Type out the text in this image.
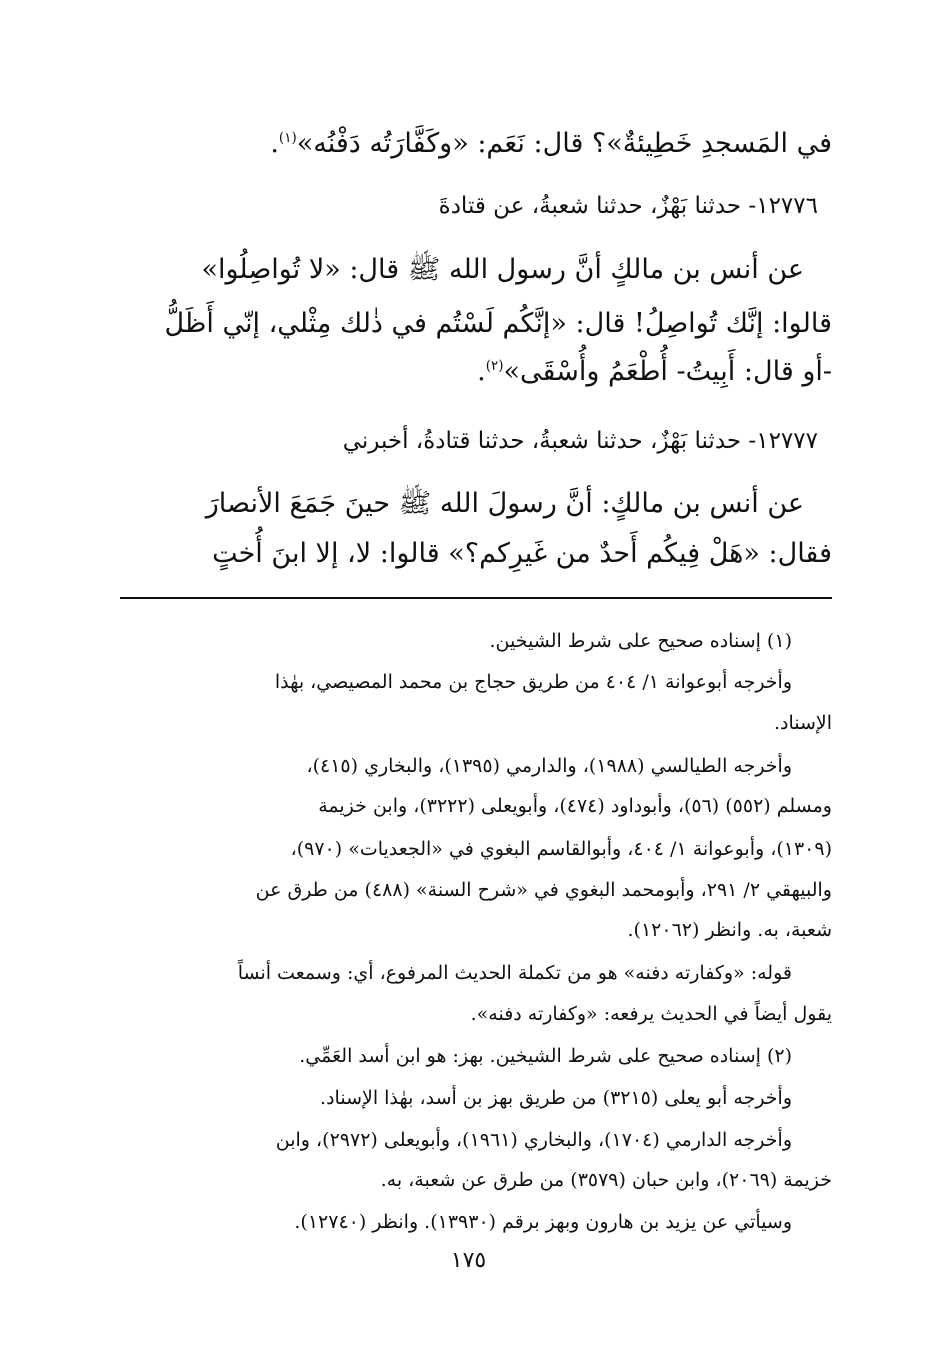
في المَسجدِ خَطِيئةٌ»؟ قال: نَعَم: «وكَفَّارَتُه دَفْنُه»$^{(١)}$.
١٢٧٧٦- حدثنا بَهْزٌ، حدثنا شعبةُ، عن قتادةَ
عن أنس بن مالكٍ أنَّ رسول الله ﷺ قال: «لا تُواصِلُوا»
قالوا: إنَّك تُواصِلُ! قال: «إنَّكُم لَسْتُم في ذٰلك مِثْلي، إنّي أَظَلُّ
-أو قال: أَبِيتُ- أُطْعَمُ وأُسْقَى»$^{(٢)}$.
١٢٧٧٧- حدثنا بَهْزٌ، حدثنا شعبةُ، حدثنا قتادةُ، أخبرني
عن أنس بن مالكٍ: أنَّ رسولَ الله ﷺ حينَ جَمَعَ الأنصارَ
فقال: «هَلْ فِيكُم أَحدٌ من غَيرِكم؟» قالوا: لا، إلا ابنَ أُختٍ
(١) إسناده صحيح على شرط الشيخين.
وأخرجه أبوعوانة ١/ ٤٠٤ من طريق حجاج بن محمد المصيصي، بهٰذا
الإسناد.
وأخرجه الطيالسي (١٩٨٨)، والدارمي (١٣٩٥)، والبخاري (٤١٥)،
ومسلم (٥٥٢) (٥٦)، وأبوداود (٤٧٤)، وأبويعلى (٣٢٢٢)، وابن خزيمة
(١٣٠٩)، وأبوعوانة ١/ ٤٠٤، وأبوالقاسم البغوي في «الجعديات» (٩٧٠)،
والبيهقي ٢/ ٢٩١، وأبومحمد البغوي في «شرح السنة» (٤٨٨) من طرق عن
شعبة، به. وانظر (١٢٠٦٢).
قوله: «وكفارته دفنه» هو من تكملة الحديث المرفوع، أي: وسمعت أنساً
يقول أيضاً في الحديث يرفعه: «وكفارته دفنه».
(٢) إسناده صحيح على شرط الشيخين. بهز: هو ابن أسد العَمِّي.
وأخرجه أبو يعلى (٣٢١٥) من طريق بهز بن أسد، بهٰذا الإسناد.
وأخرجه الدارمي (١٧٠٤)، والبخاري (١٩٦١)، وأبويعلى (٢٩٧٢)، وابن
خزيمة (٢٠٦٩)، وابن حبان (٣٥٧٩) من طرق عن شعبة، به.
وسيأتي عن يزيد بن هارون وبهز برقم (١٣٩٣٠). وانظر (١٢٧٤٠).
١٧٥
